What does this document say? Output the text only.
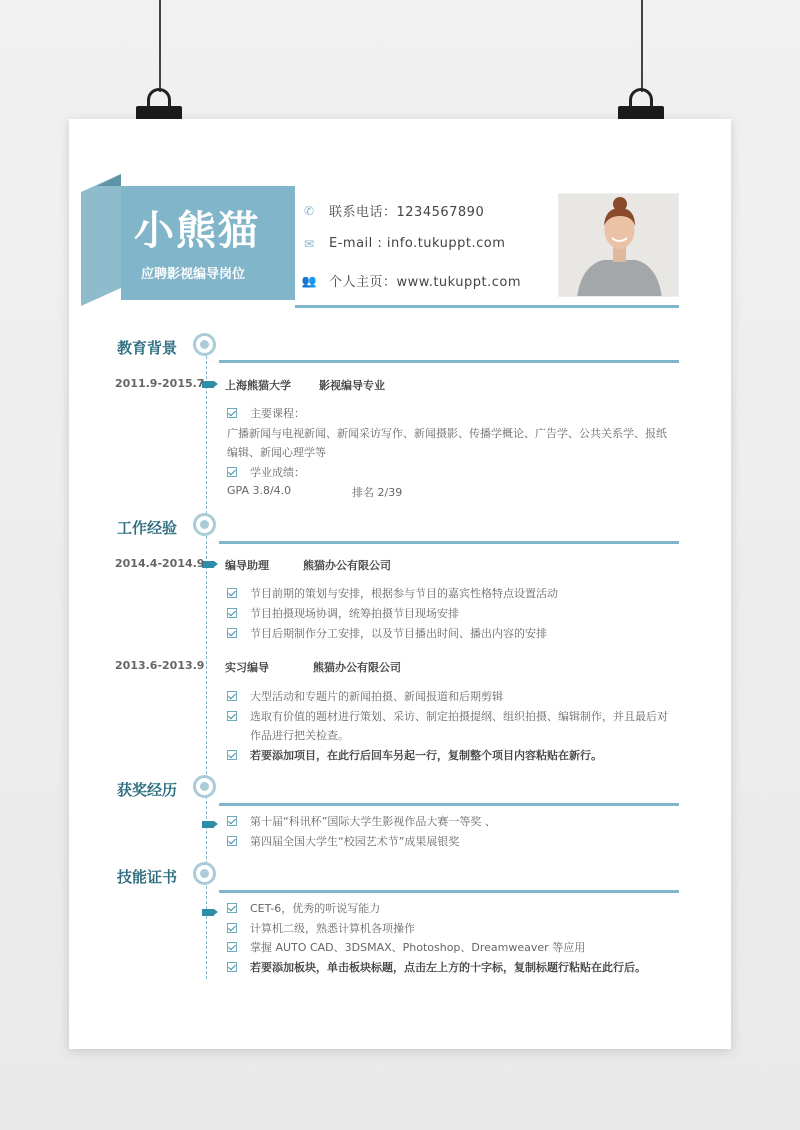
小熊猫
应聘影视编导岗位
✆ 联系电话：1234567890
✉ E-mail : info.tukuppt.com
👥 个人主页：www.tukuppt.com
教育背景
2011.9-2015.7 上海熊猫大学	影视编导专业
主要课程：
广播新闻与电视新闻、新闻采访写作、新闻摄影、传播学概论、广告学、公共关系学、报纸
编辑、新闻心理学等
学业成绩：
GPA 3.8/4.0	排名 2/39
工作经验
2014.4-2014.9 编导助理	熊猫办公有限公司
节目前期的策划与安排，根据参与节目的嘉宾性格特点设置活动
节目拍摄现场协调，统筹拍摄节目现场安排
节目后期制作分工安排，以及节目播出时间、播出内容的安排
2013.6-2013.9 实习编导	熊猫办公有限公司
大型活动和专题片的新闻拍摄、新闻报道和后期剪辑
选取有价值的题材进行策划、采访、制定拍摄提纲、组织拍摄、编辑制作，并且最后对
作品进行把关检查。
若要添加项目，在此行后回车另起一行，复制整个项目内容粘贴在新行。
获奖经历
第十届“科讯杯”国际大学生影视作品大赛一等奖 、
第四届全国大学生“校园艺术节”成果展银奖
技能证书
CET-6，优秀的听说写能力
计算机二级，熟悉计算机各项操作
掌握 AUTO CAD、3DSMAX、Photoshop、Dreamweaver 等应用
若要添加板块，单击板块标题，点击左上方的十字标，复制标题行粘贴在此行后。
